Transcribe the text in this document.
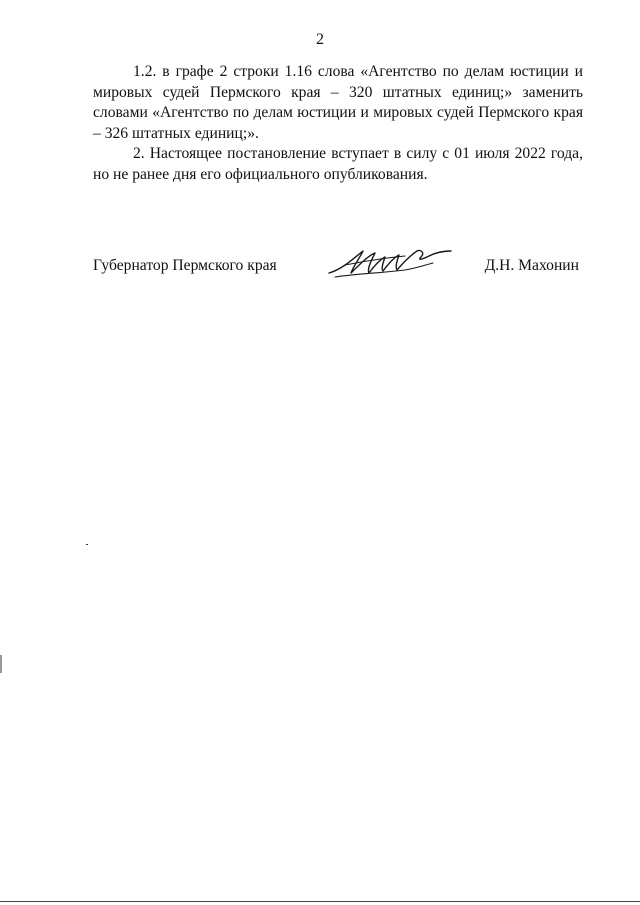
2

1.2. в графе 2 строки 1.16 слова «Агентство по делам юстиции и мировых судей Пермского края – 320 штатных единиц;» заменить словами «Агентство по делам юстиции и мировых судей Пермского края – 326 штатных единиц;».

2. Настоящее постановление вступает в силу с 01 июля 2022 года, но не ранее дня его официального опубликования.

Губернатор Пермского края	Д.Н. Махонин
